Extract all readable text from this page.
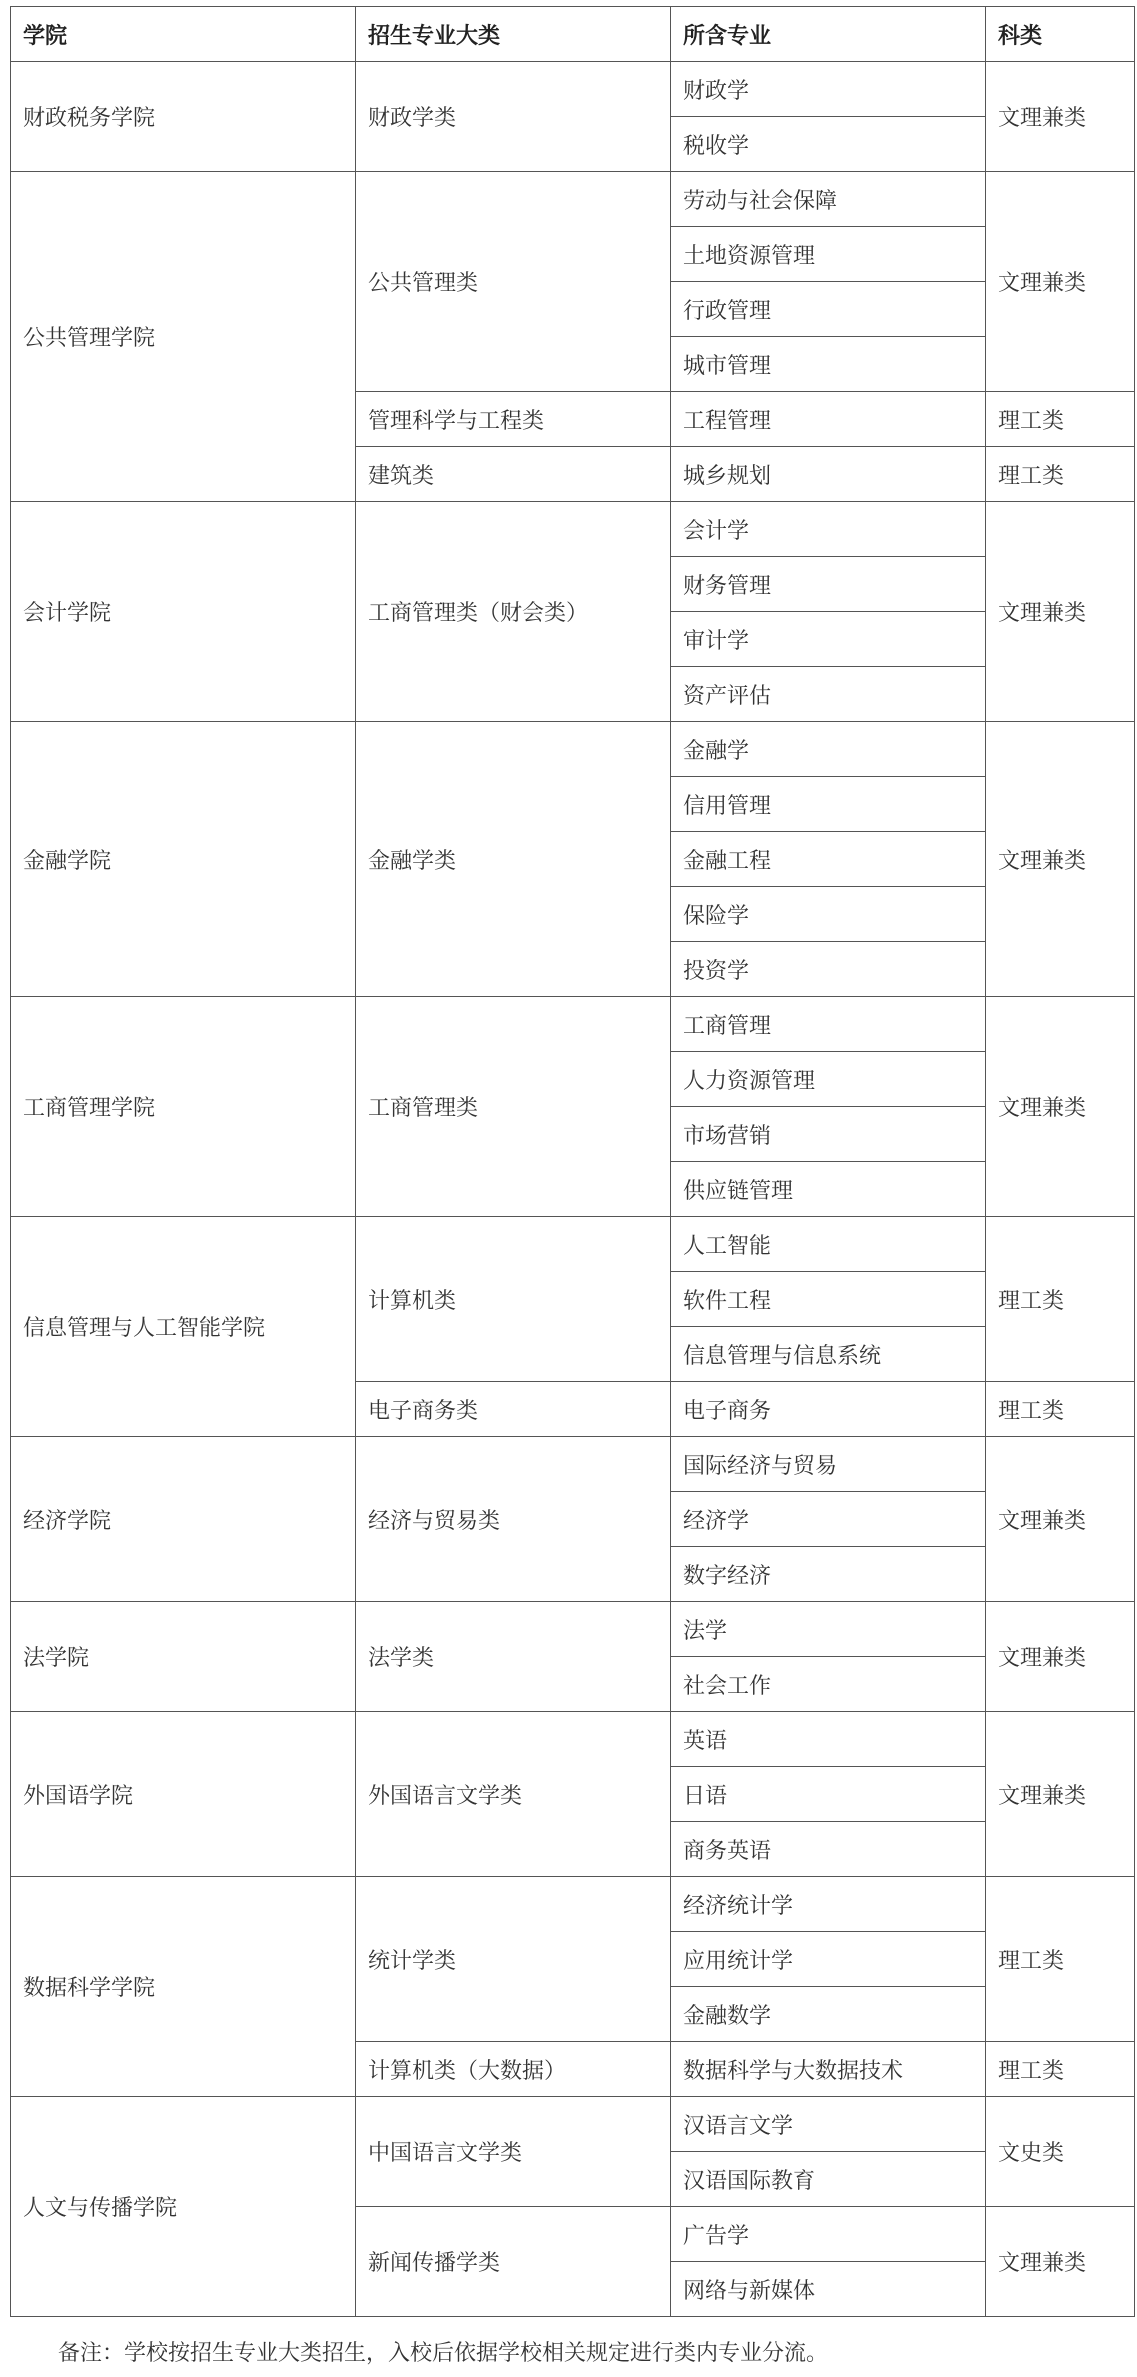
学院	招生专业大类	所含专业	科类
财政税务学院	财政学类	财政学	文理兼类
		税收学	
公共管理学院	公共管理类	劳动与社会保障	文理兼类
		土地资源管理	
		行政管理	
		城市管理	
	管理科学与工程类	工程管理	理工类
	建筑类	城乡规划	理工类
会计学院	工商管理类（财会类）	会计学	文理兼类
		财务管理	
		审计学	
		资产评估	
金融学院	金融学类	金融学	文理兼类
		信用管理	
		金融工程	
		保险学	
		投资学	
工商管理学院	工商管理类	工商管理	文理兼类
		人力资源管理	
		市场营销	
		供应链管理	
信息管理与人工智能学院	计算机类	人工智能	理工类
		软件工程	
		信息管理与信息系统	
	电子商务类	电子商务	理工类
经济学院	经济与贸易类	国际经济与贸易	文理兼类
		经济学	
		数字经济	
法学院	法学类	法学	文理兼类
		社会工作	
外国语学院	外国语言文学类	英语	文理兼类
		日语	
		商务英语	
数据科学学院	统计学类	经济统计学	理工类
		应用统计学	
		金融数学	
	计算机类（大数据）	数据科学与大数据技术	理工类
人文与传播学院	中国语言文学类	汉语言文学	文史类
		汉语国际教育	
	新闻传播学类	广告学	文理兼类
		网络与新媒体	
备注：学校按招生专业大类招生，入校后依据学校相关规定进行类内专业分流。
